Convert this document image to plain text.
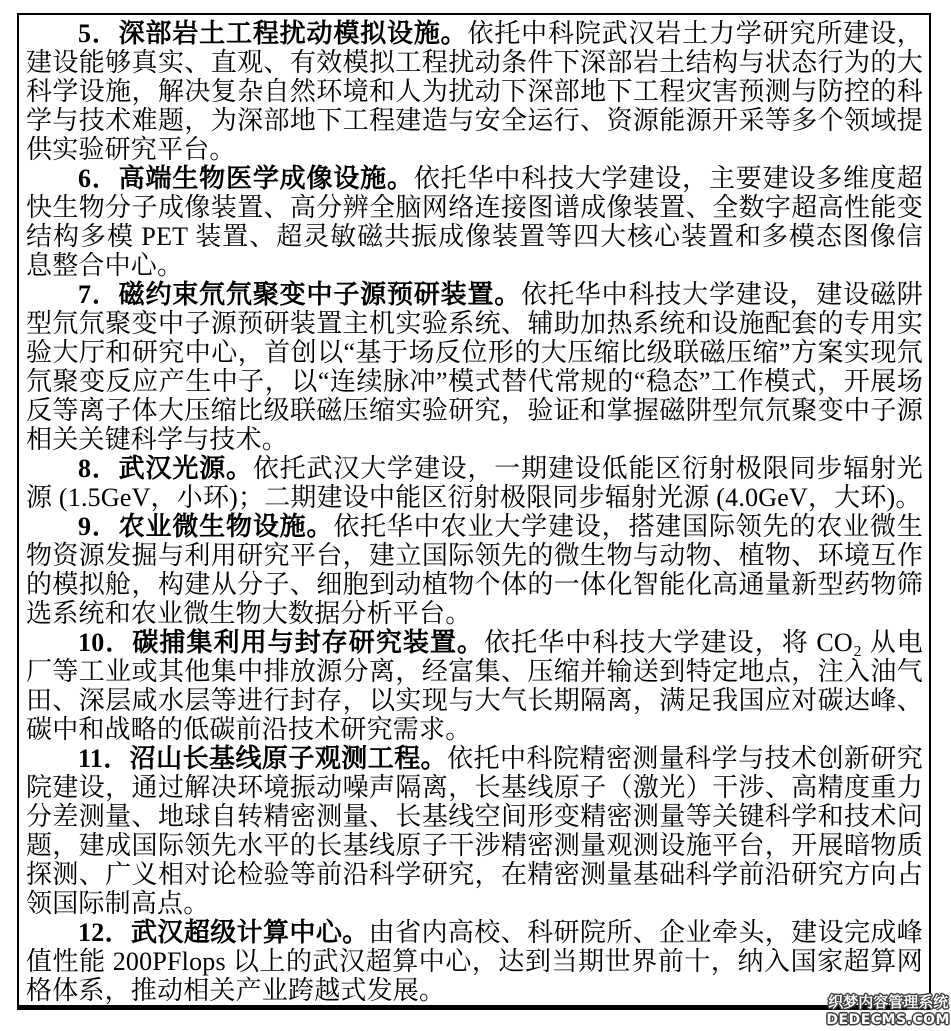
5．深部岩土工程扰动模拟设施。依托中科院武汉岩土力学研究所建设，建设能够真实、直观、有效模拟工程扰动条件下深部岩土结构与状态行为的大科学设施，解决复杂自然环境和人为扰动下深部地下工程灾害预测与防控的科学与技术难题，为深部地下工程建造与安全运行、资源能源开采等多个领域提供实验研究平台。

6．高端生物医学成像设施。依托华中科技大学建设，主要建设多维度超快生物分子成像装置、高分辨全脑网络连接图谱成像装置、全数字超高性能变结构多模 PET 装置、超灵敏磁共振成像装置等四大核心装置和多模态图像信息整合中心。

7．磁约束氘氘聚变中子源预研装置。依托华中科技大学建设，建设磁阱型氘氘聚变中子源预研装置主机实验系统、辅助加热系统和设施配套的专用实验大厅和研究中心，首创以“基于场反位形的大压缩比级联磁压缩”方案实现氘氘聚变反应产生中子，以“连续脉冲”模式替代常规的“稳态”工作模式，开展场反等离子体大压缩比级联磁压缩实验研究，验证和掌握磁阱型氘氘聚变中子源相关关键科学与技术。

8．武汉光源。依托武汉大学建设，一期建设低能区衍射极限同步辐射光源 (1.5GeV，小环)；二期建设中能区衍射极限同步辐射光源 (4.0GeV，大环)。

9．农业微生物设施。依托华中农业大学建设，搭建国际领先的农业微生物资源发掘与利用研究平台，建立国际领先的微生物与动物、植物、环境互作的模拟舱，构建从分子、细胞到动植物个体的一体化智能化高通量新型药物筛选系统和农业微生物大数据分析平台。

10．碳捕集利用与封存研究装置。依托华中科技大学建设，将 CO₂ 从电厂等工业或其他集中排放源分离，经富集、压缩并输送到特定地点，注入油气田、深层咸水层等进行封存，以实现与大气长期隔离，满足我国应对碳达峰、碳中和战略的低碳前沿技术研究需求。

11．沼山长基线原子观测工程。依托中科院精密测量科学与技术创新研究院建设，通过解决环境振动噪声隔离，长基线原子（激光）干涉、高精度重力分差测量、地球自转精密测量、长基线空间形变精密测量等关键科学和技术问题，建成国际领先水平的长基线原子干涉精密测量观测设施平台，开展暗物质探测、广义相对论检验等前沿科学研究，在精密测量基础科学前沿研究方向占领国际制高点。

12．武汉超级计算中心。由省内高校、科研院所、企业牵头，建设完成峰值性能 200PFlops 以上的武汉超算中心，达到当期世界前十，纳入国家超算网格体系，推动相关产业跨越式发展。	织梦内容管理系统
DEDECMS.COM
